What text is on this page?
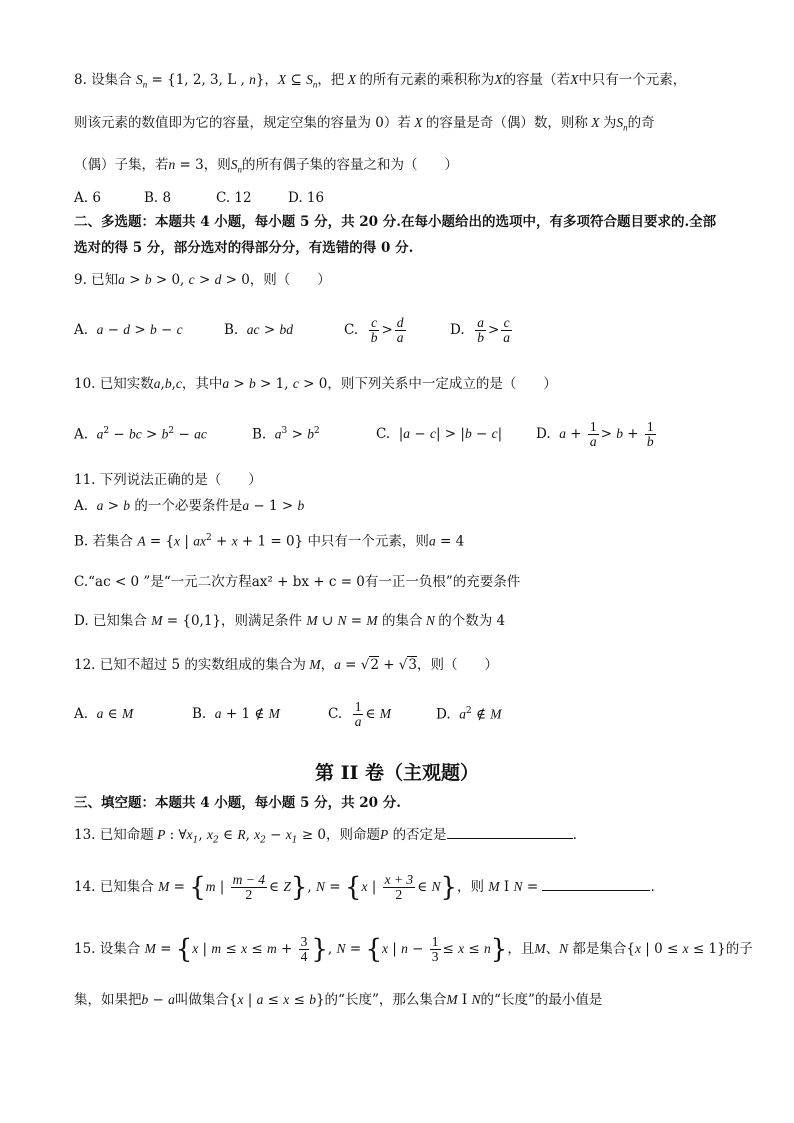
8. 设集合 $S_n = \{1$, 2, 3, L , n}，X ⊆ $S_n$，把 X 的所有元素的乘积称为X的容量（若X中只有一个元素，
则该元素的数值即为它的容量，规定空集的容量为 0）若 X 的容量是奇（偶）数，则称 X 为$S_n$的奇
（偶）子集，若n = 3，则$S_n$的所有偶子集的容量之和为（　　）
A. 6	B. 8	C. 12	D. 16
二、多选题：本题共 4 小题，每小题 5 分，共 20 分.在每小题给出的选项中，有多项符合题目要求的.全部
选对的得 5 分，部分选对的得部分分，有选错的得 0 分.
9. 已知a > b > 0, c > d > 0，则（　　）
A.  a − d > b − c	B.  ac > bd	C. $\frac{c}{b} > \frac{d}{a}$	D. $\frac{a}{b} > \frac{c}{a}$
10. 已知实数a,b,c，其中a > b > 1, c > 0，则下列关系中一定成立的是（　　）
A.  $a^2$ − bc > $b^2$ − ac	B.  $a^3 > b^2$	C.  |a − c| > |b − c|	D.  $a + \frac{1}{a} > b + \frac{1}{b}$
11. 下列说法正确的是（　　）
A.  a > b 的一个必要条件是a − 1 > b
B. 若集合 A = {x | $ax^2 + x + 1 = 0$} 中只有一个元素，则a = 4
C.“ac < 0 ”是“一元二次方程ax² + bx + c = 0有一正一负根”的充要条件
D. 已知集合 M = {0,1}，则满足条件 M ∪ N = M 的集合 N 的个数为 4
12. 已知不超过 5 的实数组成的集合为 M，a = √2 + √3，则（　　）
A.  a ∈ M	B.  a + 1 ∉ M	C. $\frac{1}{a}$ ∈ M	D.  $a^2$ ∉ M
第 II 卷（主观题）
三、填空题：本题共 4 小题，每小题 5 分，共 20 分.
13. 已知命题 P : $\forall x_1$, $x_2$ ∈ R, $x_2 - x_1 \ge 0$，则命题P 的否定是	.
14. 已知集合 M = {m | $\frac{m - 4}{2}$ ∈ Z}, N = {x | $\frac{x + 3}{2}$ ∈ N}，则 M I N =	.
15. 设集合 M = {x | $m \le x \le m + \frac{3}{4}$ }, N = {x | $n - \frac{1}{3} \le x \le n$}，且M、N 都是集合{x | 0 ≤ x ≤ 1}的子
集，如果把b − a叫做集合{x | a ≤ x ≤ b}的“长度”，那么集合M I N的“长度”的最小值是
